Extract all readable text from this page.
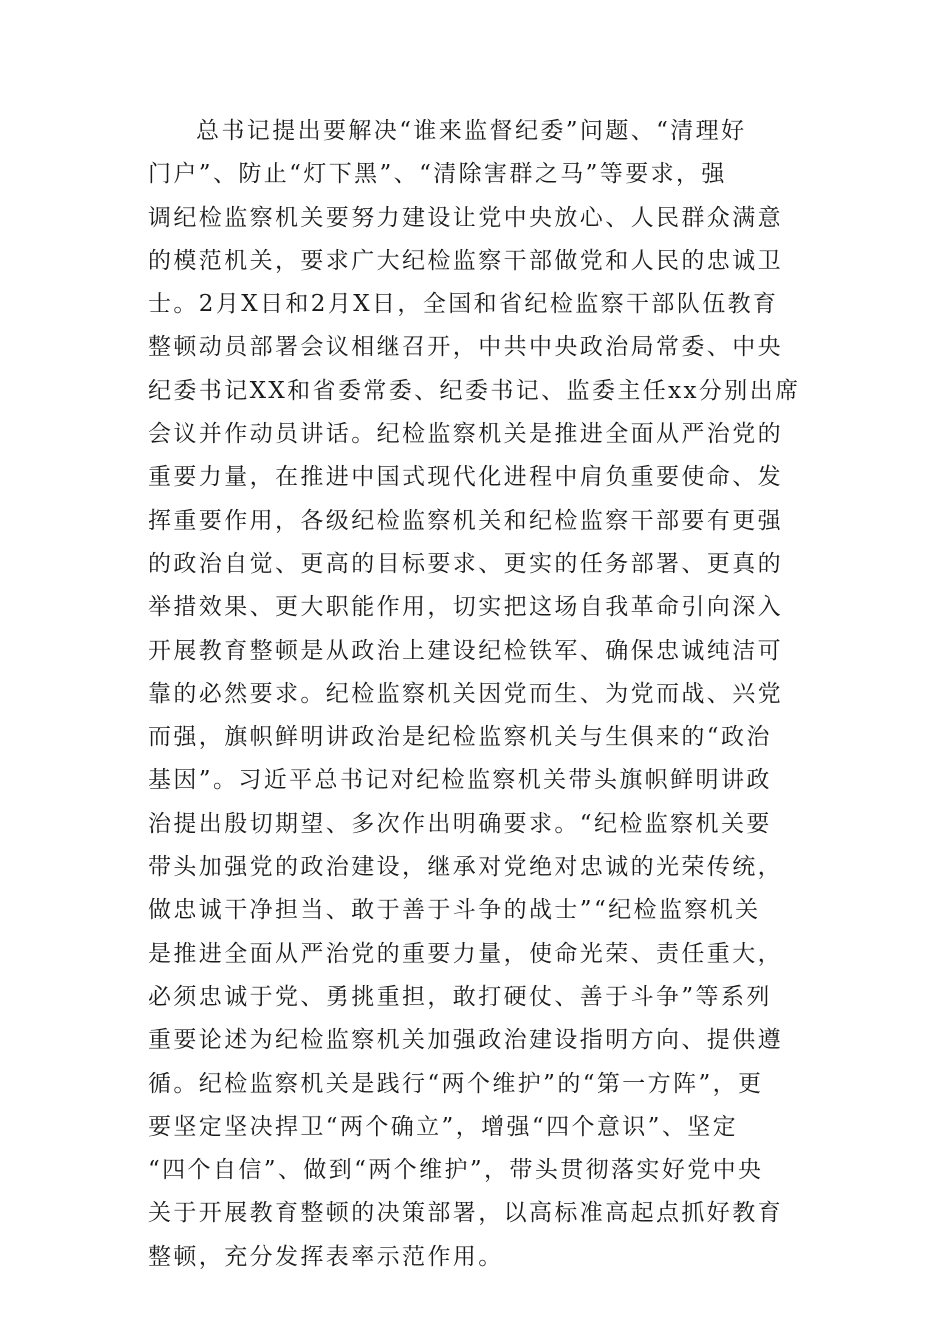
总书记提出要解决“谁来监督纪委”问题、“清理好
门户”、防止“灯下黑”、“清除害群之马”等要求，强
调纪检监察机关要努力建设让党中央放心、人民群众满意
的模范机关，要求广大纪检监察干部做党和人民的忠诚卫
士。2月X日和2月X日，全国和省纪检监察干部队伍教育
整顿动员部署会议相继召开，中共中央政治局常委、中央
纪委书记XX和省委常委、纪委书记、监委主任xx分别出席
会议并作动员讲话。纪检监察机关是推进全面从严治党的
重要力量，在推进中国式现代化进程中肩负重要使命、发
挥重要作用，各级纪检监察机关和纪检监察干部要有更强
的政治自觉、更高的目标要求、更实的任务部署、更真的
举措效果、更大职能作用，切实把这场自我革命引向深入
开展教育整顿是从政治上建设纪检铁军、确保忠诚纯洁可
靠的必然要求。纪检监察机关因党而生、为党而战、兴党
而强，旗帜鲜明讲政治是纪检监察机关与生俱来的“政治
基因”。习近平总书记对纪检监察机关带头旗帜鲜明讲政
治提出殷切期望、多次作出明确要求。“纪检监察机关要
带头加强党的政治建设，继承对党绝对忠诚的光荣传统，
做忠诚干净担当、敢于善于斗争的战士”“纪检监察机关
是推进全面从严治党的重要力量，使命光荣、责任重大，
必须忠诚于党、勇挑重担，敢打硬仗、善于斗争”等系列
重要论述为纪检监察机关加强政治建设指明方向、提供遵
循。纪检监察机关是践行“两个维护”的“第一方阵”，更
要坚定坚决捍卫“两个确立”，增强“四个意识”、坚定
“四个自信”、做到“两个维护”，带头贯彻落实好党中央
关于开展教育整顿的决策部署，以高标准高起点抓好教育
整顿，充分发挥表率示范作用。
